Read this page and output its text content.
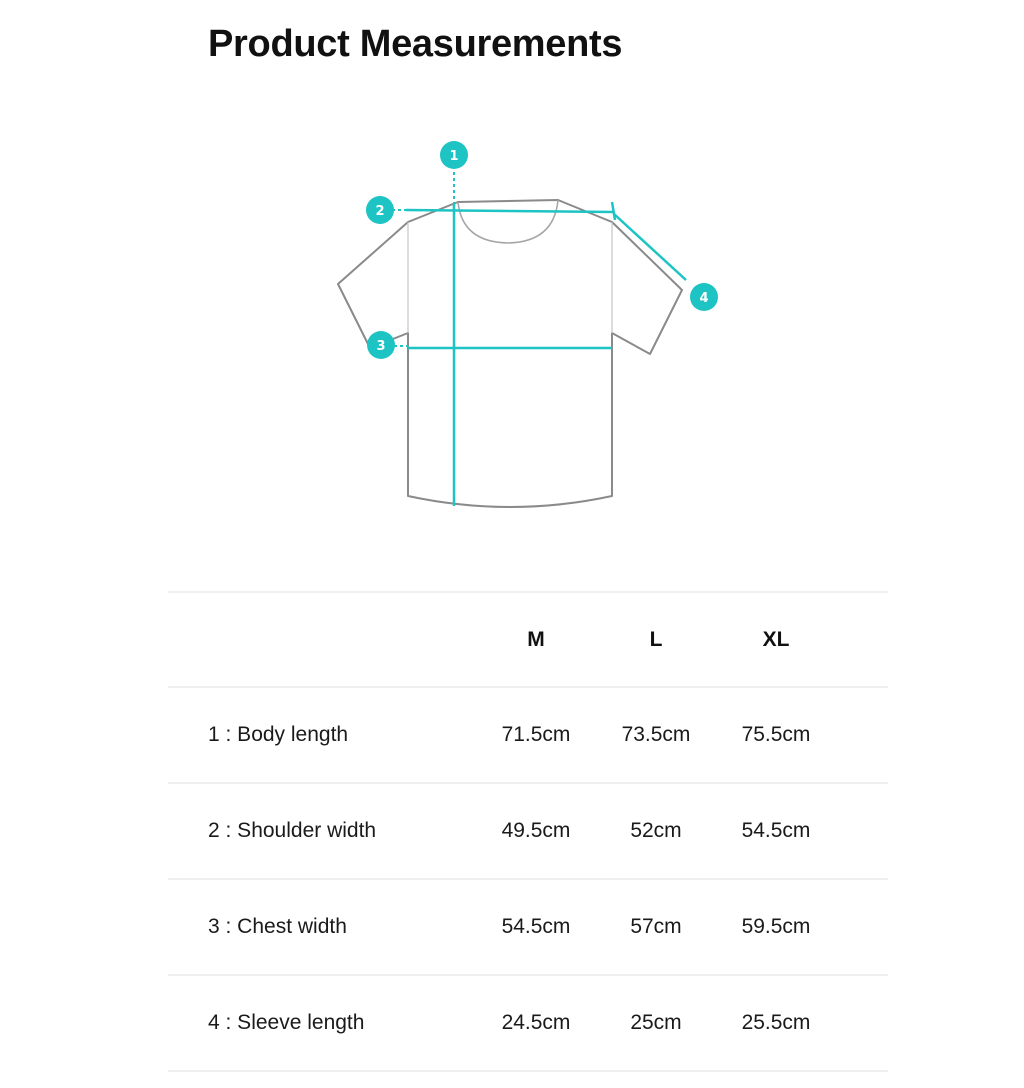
Product Measurements
1
2
3
4
	M	L	XL	
1 : Body length	71.5cm	73.5cm	75.5cm	
2 : Shoulder width	49.5cm	52cm	54.5cm	
3 : Chest width	54.5cm	57cm	59.5cm	
4 : Sleeve length	24.5cm	25cm	25.5cm	
